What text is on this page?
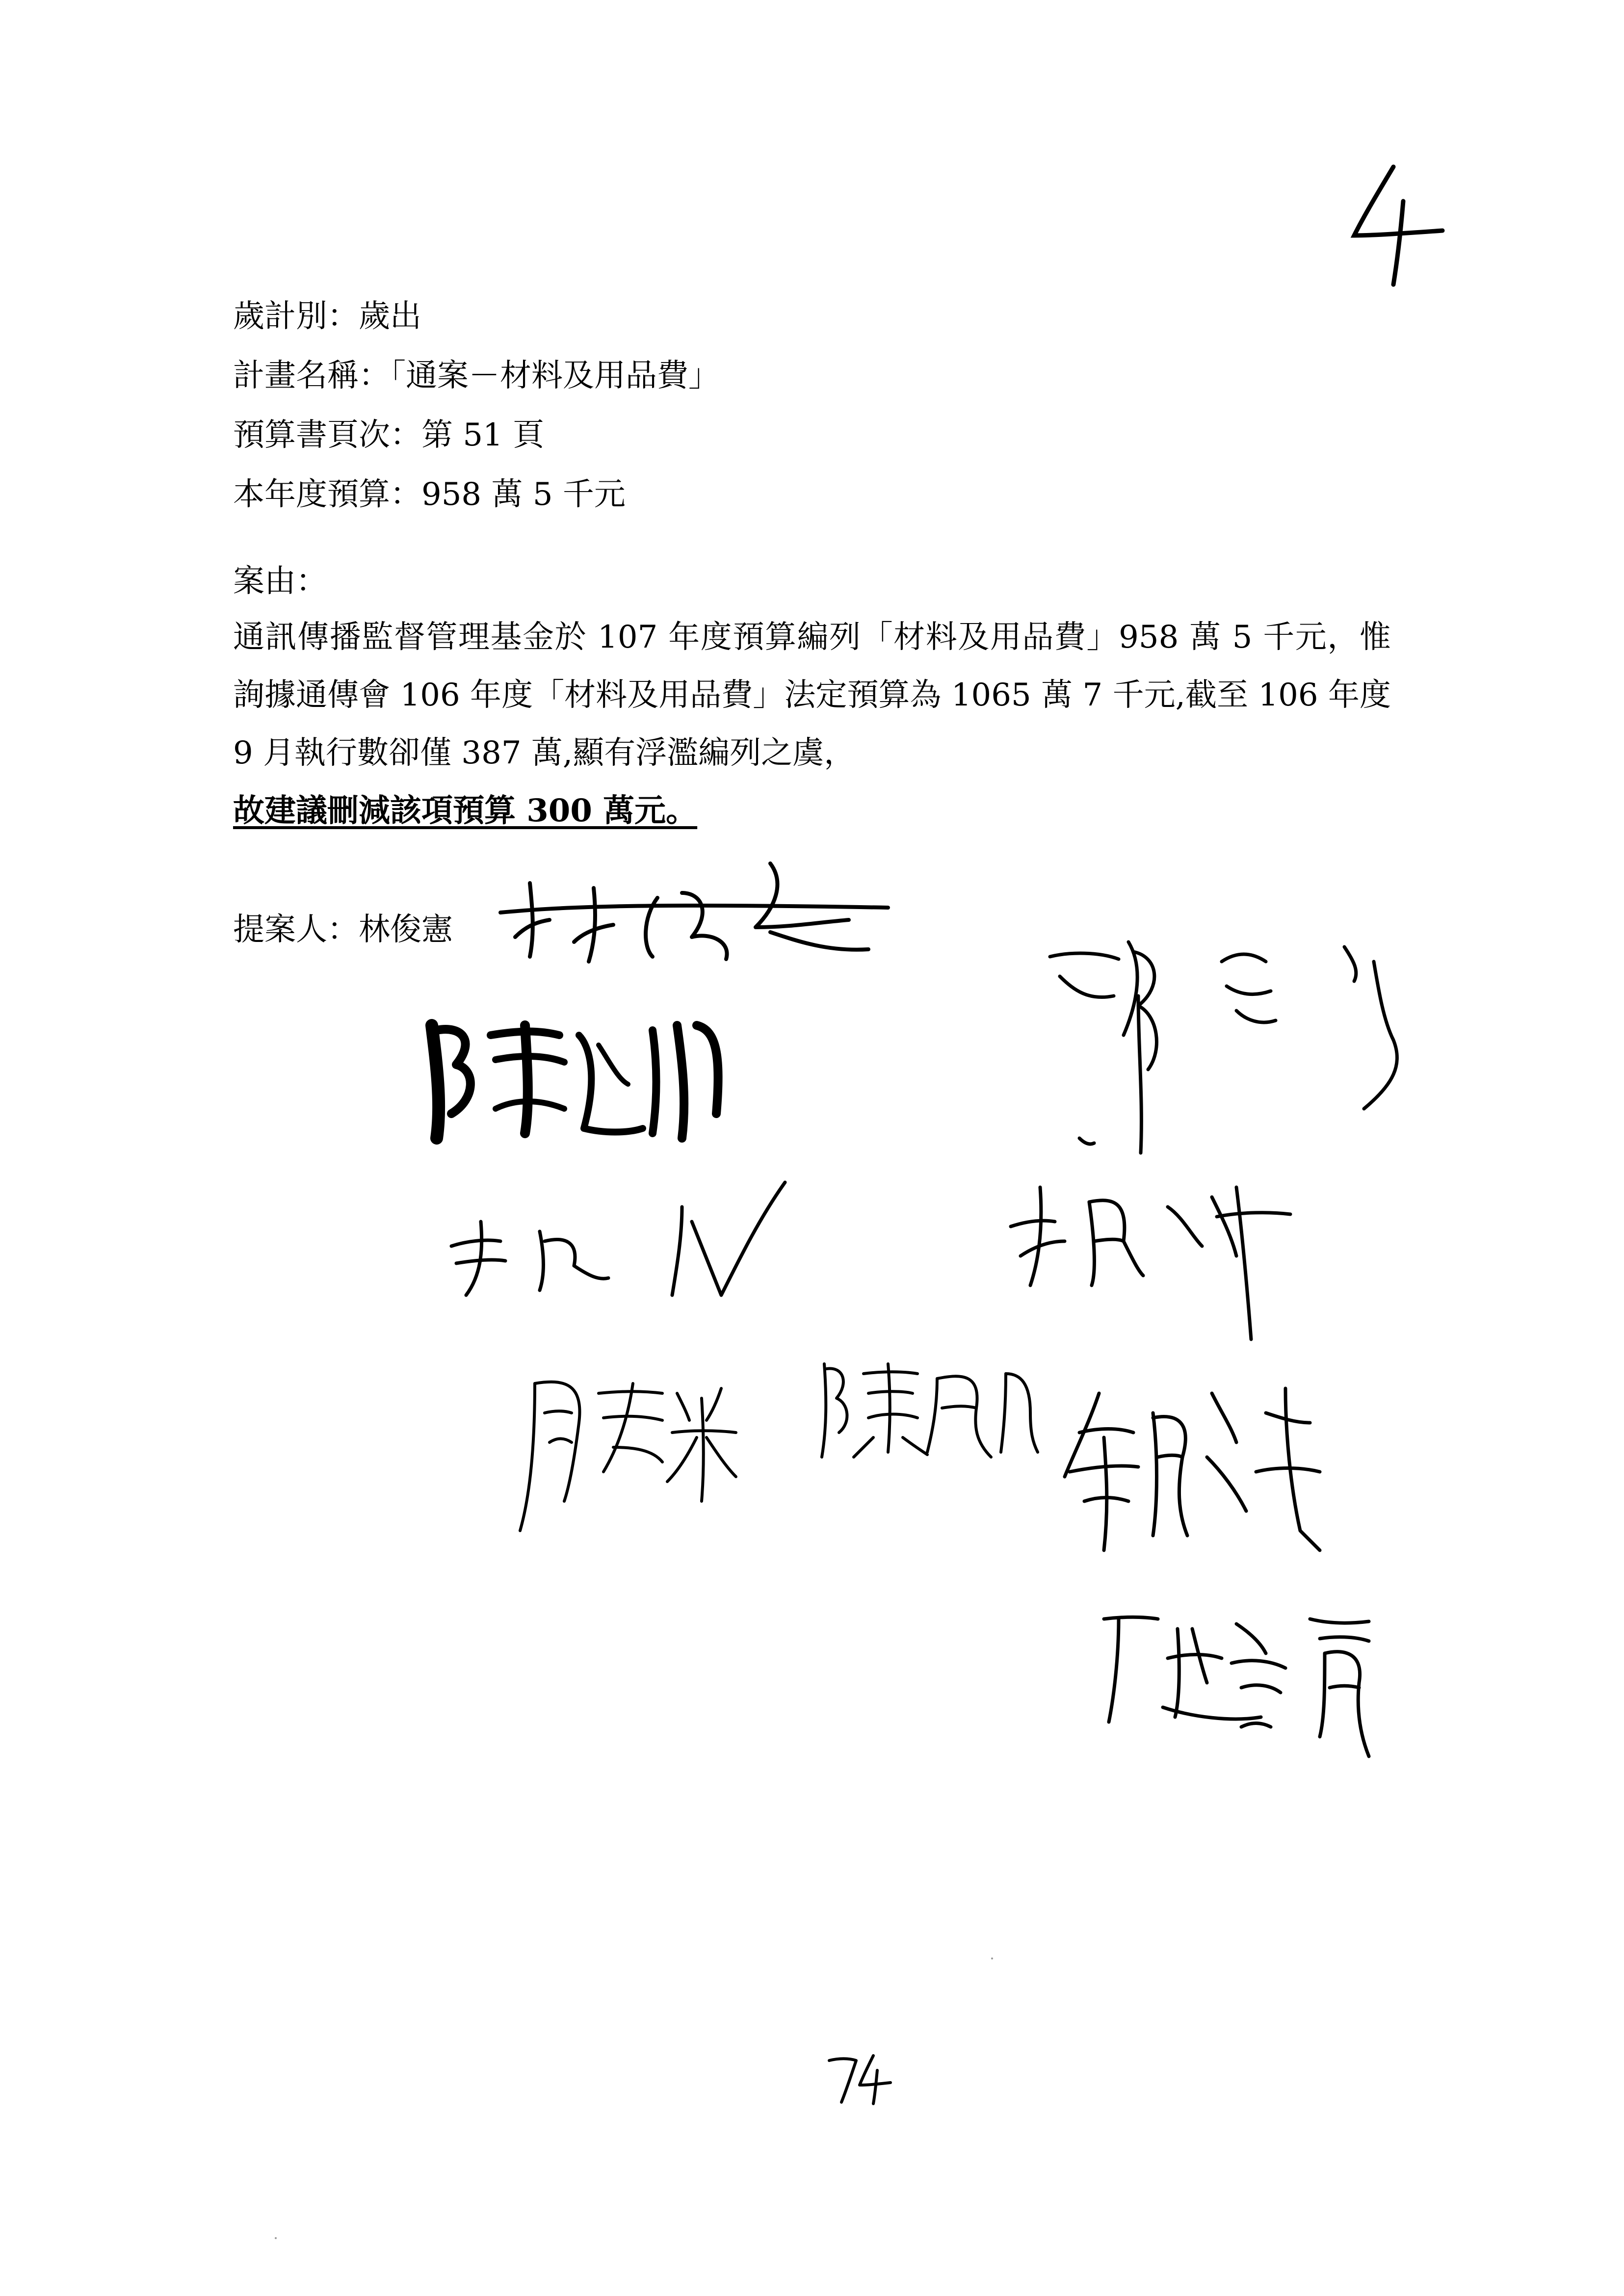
歲計別：歲出
計畫名稱：「通案－材料及用品費」
預算書頁次：第 51 頁
本年度預算：958 萬 5 千元
案由：
通訊傳播監督管理基金於 107 年度預算編列「材料及用品費」958 萬 5 千元，惟詢據通傳會 106 年度「材料及用品費」法定預算為 1065 萬 7 千元,截至 106 年度 9 月執行數卻僅 387 萬,顯有浮濫編列之虞，
故建議刪減該項預算 300 萬元。
提案人：林俊憲
